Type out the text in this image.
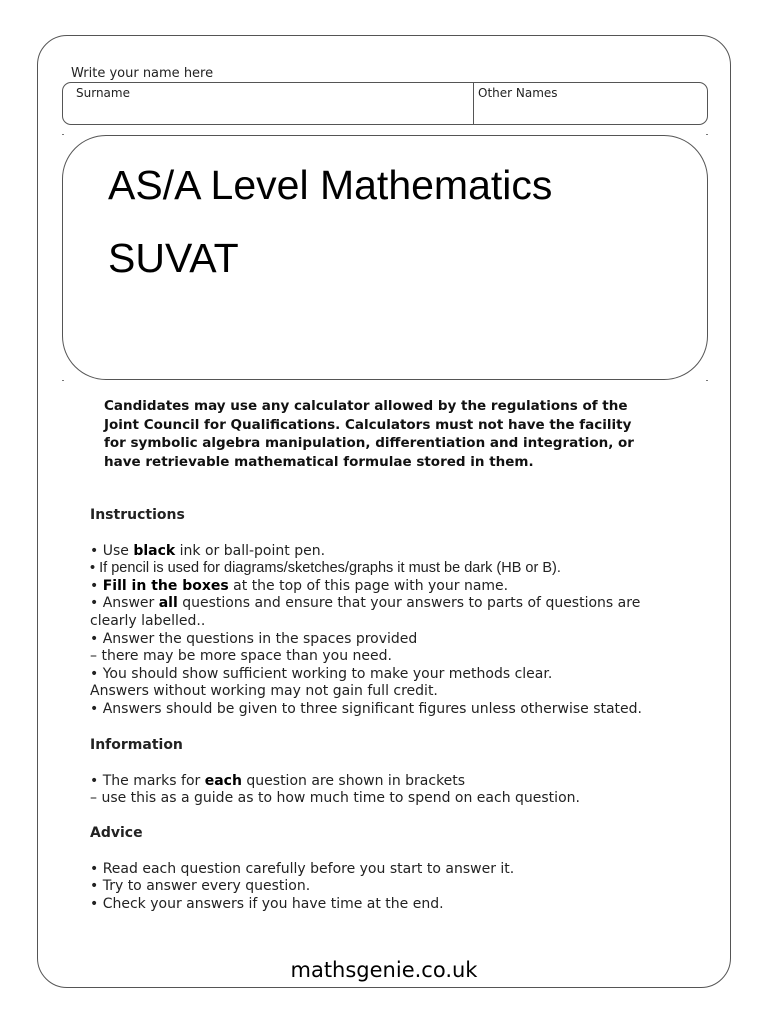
Write your name here
Surname	Other Names
AS/A Level Mathematics
SUVAT
Candidates may use any calculator allowed by the regulations of the
Joint Council for Qualifications. Calculators must not have the facility
for symbolic algebra manipulation, differentiation and integration, or
have retrievable mathematical formulae stored in them.
Instructions
• Use black ink or ball-point pen.
• If pencil is used for diagrams/sketches/graphs it must be dark (HB or B).
• Fill in the boxes at the top of this page with your name.
• Answer all questions and ensure that your answers to parts of questions are
clearly labelled..
• Answer the questions in the spaces provided
– there may be more space than you need.
• You should show sufficient working to make your methods clear.
Answers without working may not gain full credit.
• Answers should be given to three significant figures unless otherwise stated.
Information
• The marks for each question are shown in brackets
– use this as a guide as to how much time to spend on each question.
Advice
• Read each question carefully before you start to answer it.
• Try to answer every question.
• Check your answers if you have time at the end.
mathsgenie.co.uk
